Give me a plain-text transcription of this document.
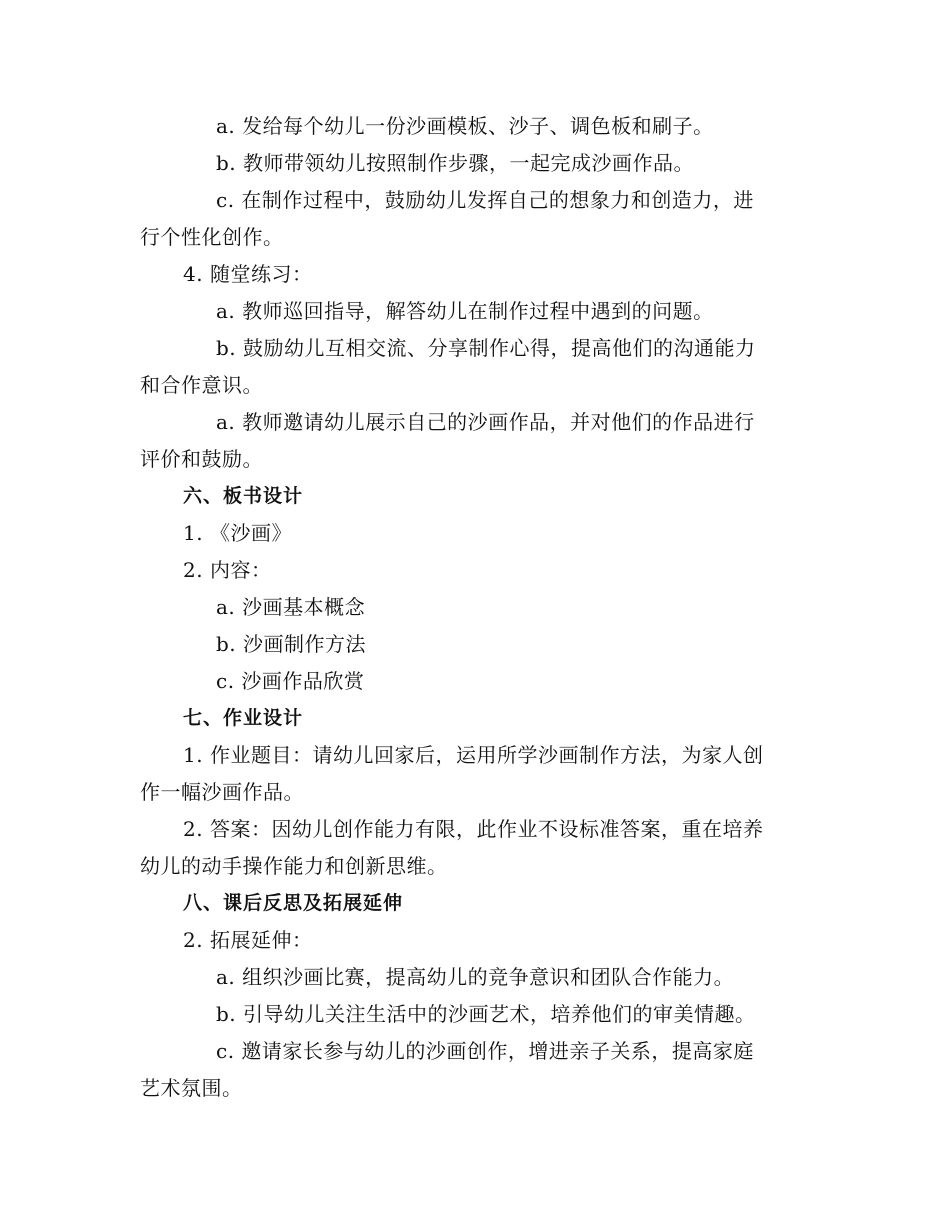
a. 发给每个幼儿一份沙画模板、沙子、调色板和刷子。
b. 教师带领幼儿按照制作步骤，一起完成沙画作品。
c. 在制作过程中，鼓励幼儿发挥自己的想象力和创造力，进
行个性化创作。
4. 随堂练习：
a. 教师巡回指导，解答幼儿在制作过程中遇到的问题。
b. 鼓励幼儿互相交流、分享制作心得，提高他们的沟通能力
和合作意识。
a. 教师邀请幼儿展示自己的沙画作品，并对他们的作品进行
评价和鼓励。
六、板书设计
1. 《沙画》
2. 内容：
a. 沙画基本概念
b. 沙画制作方法
c. 沙画作品欣赏
七、作业设计
1. 作业题目：请幼儿回家后，运用所学沙画制作方法，为家人创
作一幅沙画作品。
2. 答案：因幼儿创作能力有限，此作业不设标准答案，重在培养
幼儿的动手操作能力和创新思维。
八、课后反思及拓展延伸
2. 拓展延伸：
a. 组织沙画比赛，提高幼儿的竞争意识和团队合作能力。
b. 引导幼儿关注生活中的沙画艺术，培养他们的审美情趣。
c. 邀请家长参与幼儿的沙画创作，增进亲子关系，提高家庭
艺术氛围。
